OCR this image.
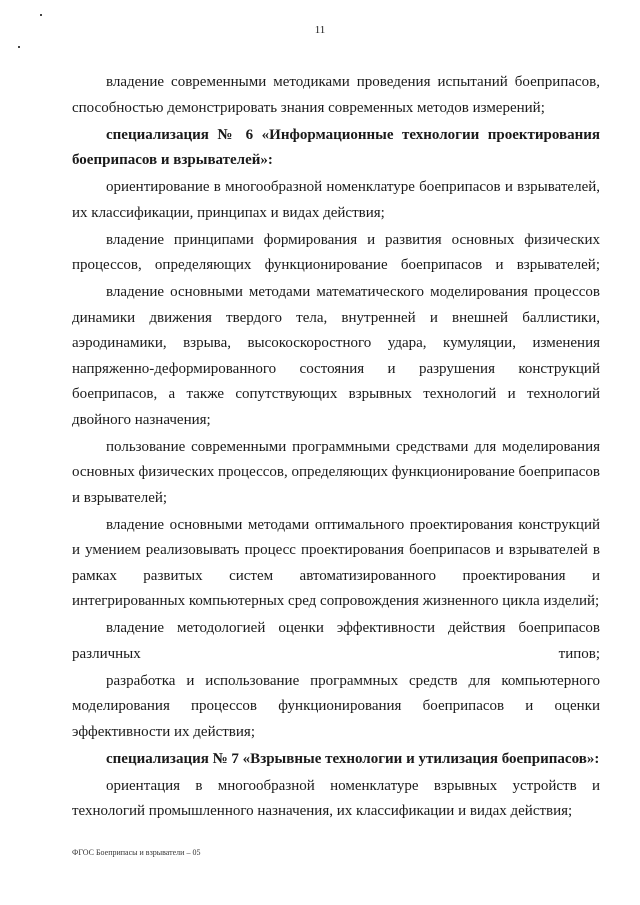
11

владение современными методиками проведения испытаний боеприпасов, способностью демонстрировать знания современных методов измерений;

специализация № 6 «Информационные технологии проектирования боеприпасов и взрывателей»:

ориентирование в многообразной номенклатуре боеприпасов и взрывателей, их классификации, принципах и видах действия;

владение принципами формирования и развития основных физических процессов, определяющих функционирование боеприпасов и взрывателей;

владение основными методами математического моделирования процессов динамики движения твердого тела, внутренней и внешней баллистики, аэродинамики, взрыва, высокоскоростного удара, кумуляции, изменения напряженно-деформированного состояния и разрушения конструкций боеприпасов, а также сопутствующих взрывных технологий и технологий двойного назначения;

пользование современными программными средствами для моделирования основных физических процессов, определяющих функционирование боеприпасов и взрывателей;

владение основными методами оптимального проектирования конструкций и умением реализовывать процесс проектирования боеприпасов и взрывателей в рамках развитых систем автоматизированного проектирования и интегрированных компьютерных сред сопровождения жизненного цикла изделий;

владение методологией оценки эффективности действия боеприпасов различных типов;

разработка и использование программных средств для компьютерного моделирования процессов функционирования боеприпасов и оценки эффективности их действия;

специализация № 7 «Взрывные технологии и утилизация боеприпасов»:

ориентация в многообразной номенклатуре взрывных устройств и технологий промышленного назначения, их классификации и видах действия;

ФГОС Боеприпасы и взрыватели – 05
